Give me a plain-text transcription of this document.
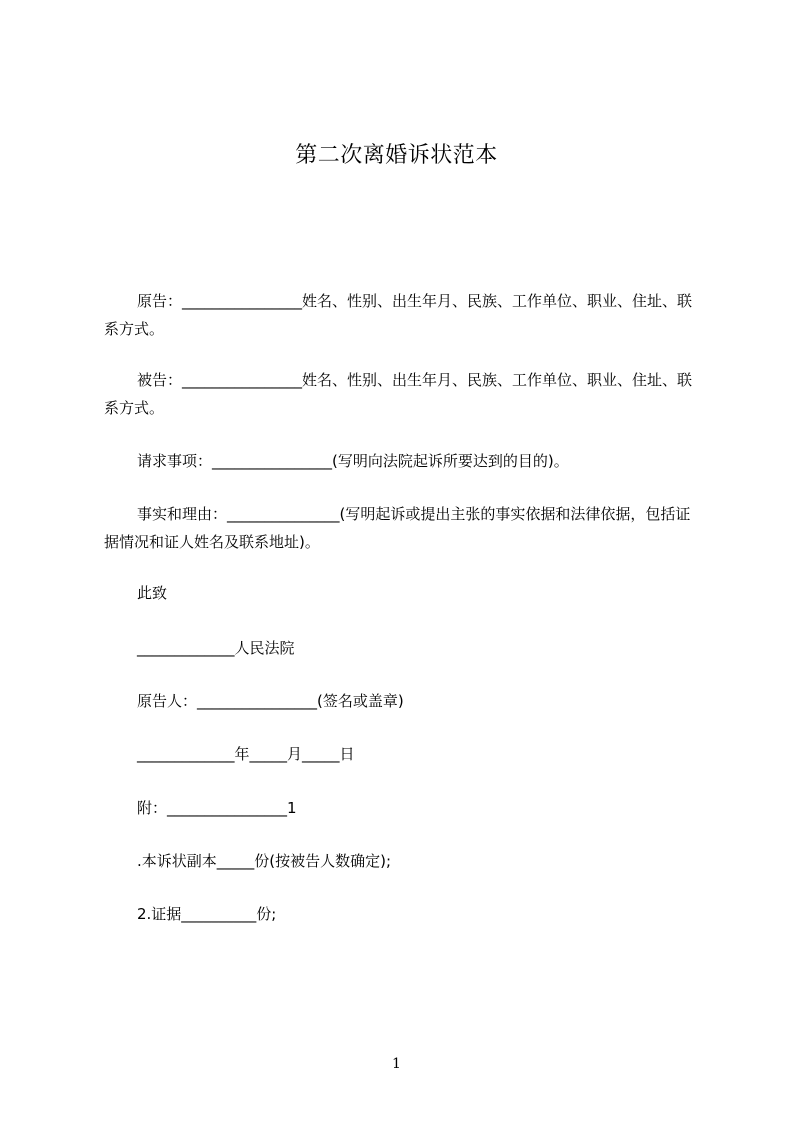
第二次离婚诉状范本
原告：________________姓名、性别、出生年月、民族、工作单位、职业、住址、联系方式。
被告：________________姓名、性别、出生年月、民族、工作单位、职业、住址、联系方式。
请求事项：________________(写明向法院起诉所要达到的目的)。
事实和理由：_______________(写明起诉或提出主张的事实依据和法律依据，包括证据情况和证人姓名及联系地址)。
此致
_____________人民法院
原告人：________________(签名或盖章)
_____________年_____月_____日
附：________________1
.本诉状副本_____份(按被告人数确定);
2.证据__________份;
1
